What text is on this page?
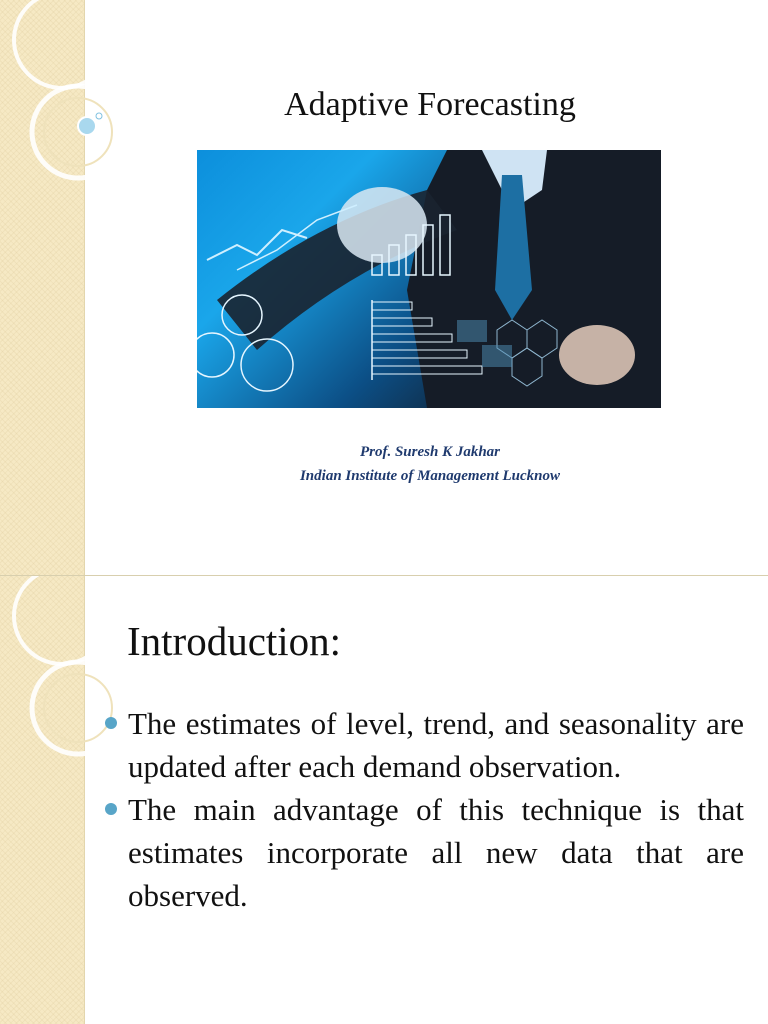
Adaptive Forecasting
Prof. Suresh K Jakhar
Indian Institute of Management Lucknow
Introduction:
The estimates of level, trend, and seasonality are updated after each demand observation.
The main advantage of this technique is that estimates incorporate all new data that are observed.
